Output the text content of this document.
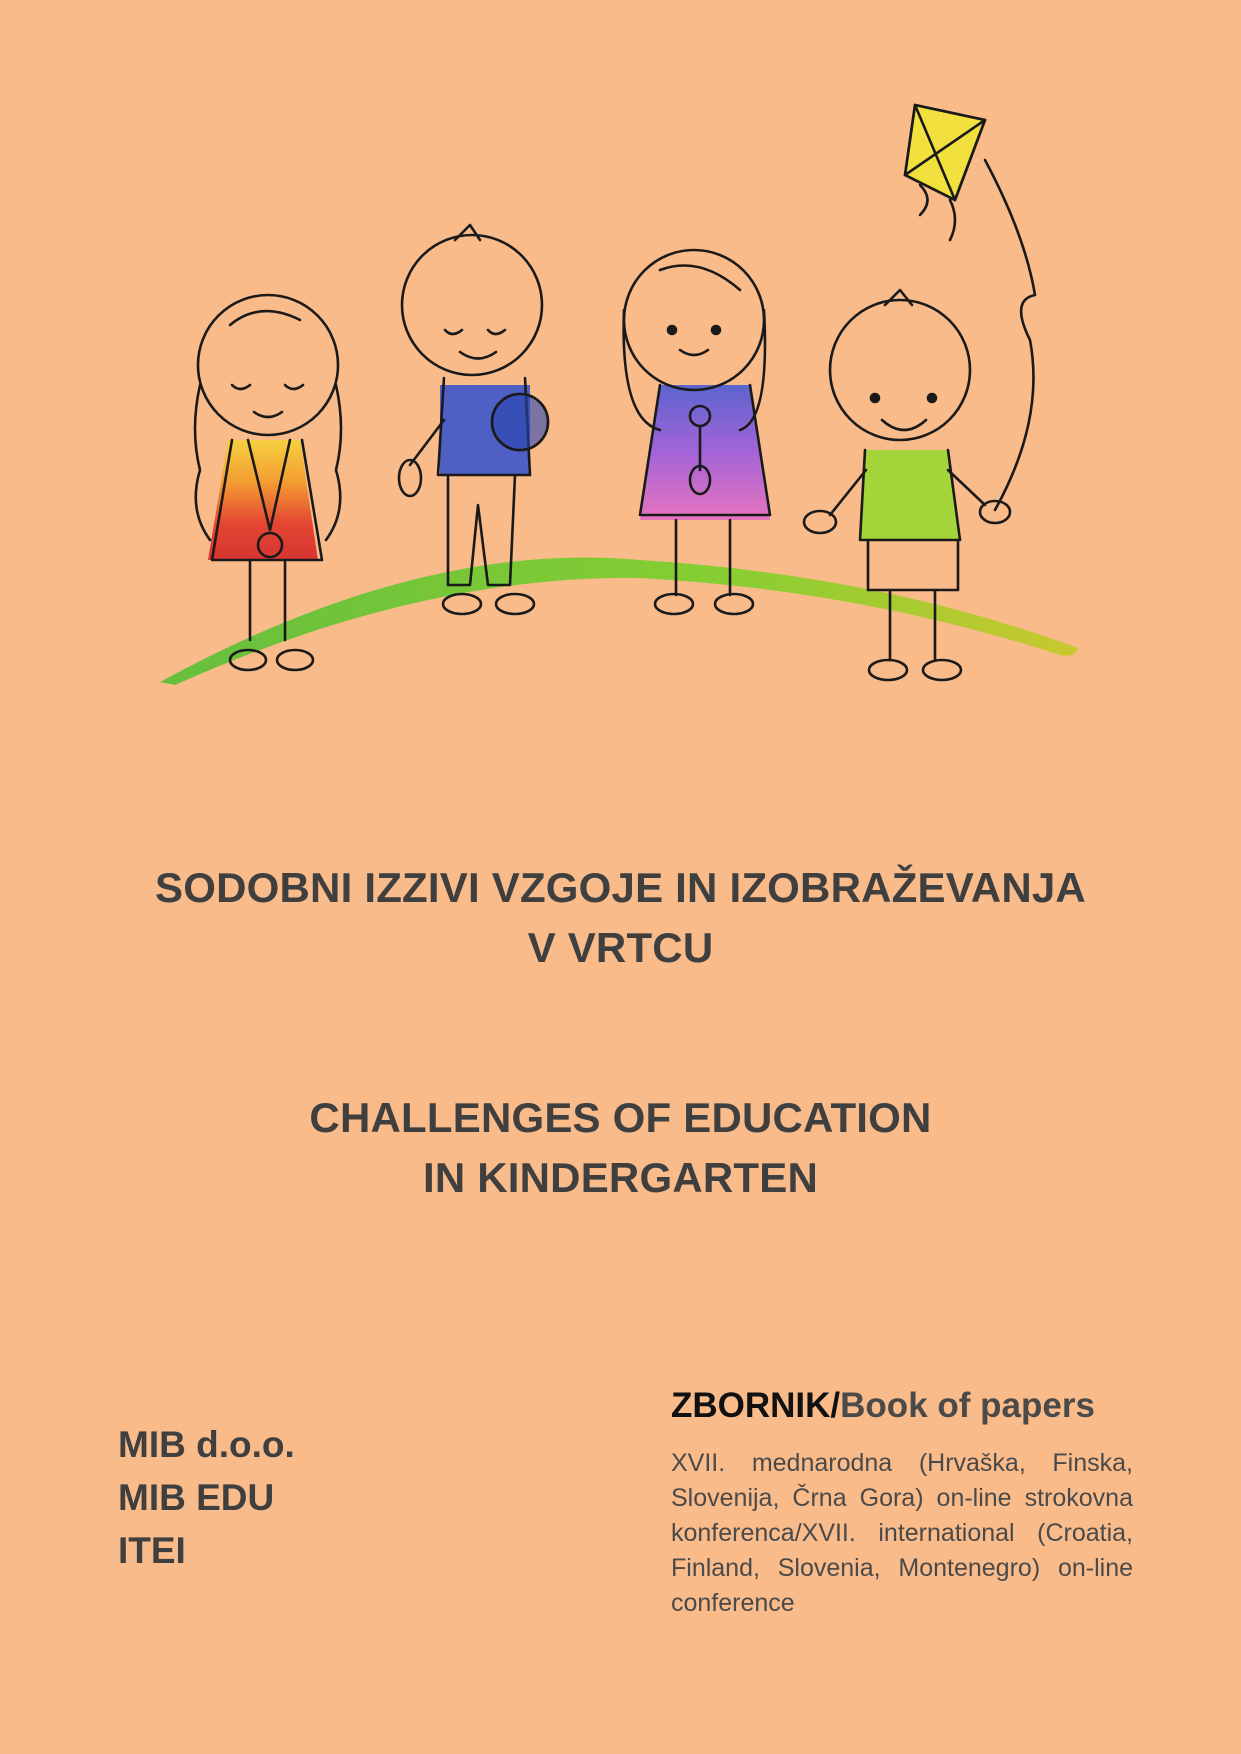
SODOBNI IZZIVI VZGOJE IN IZOBRAŽEVANJA
V VRTCU
CHALLENGES OF EDUCATION
IN KINDERGARTEN
MIB d.o.o.
MIB EDU
ITEI
ZBORNIK/Book of papers
XVII. mednarodna (Hrvaška, Finska, Slovenija, Črna Gora) on-line strokovna konferenca/XVII. international (Croatia, Finland, Slovenia, Montenegro) on-line conference
